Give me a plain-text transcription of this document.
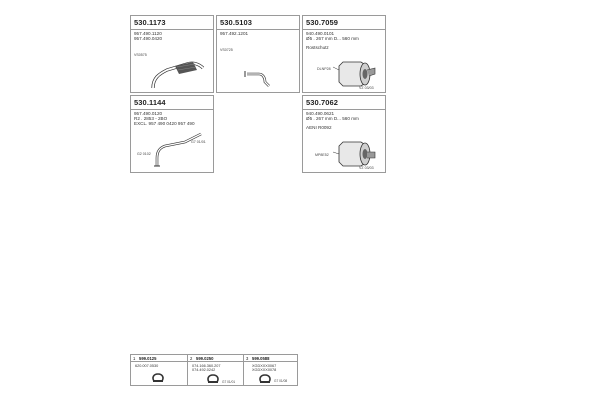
530.1173
957.490.1120
957.490.0420
VS0575
530.5103
957.492.1201
VS0725
530.7059
940.490.0101
Ø5 . 267 mm D... 560 mm
Rostschutz
DLNP28
VZ 03/03
530.1144
957.490.0120
R2 . 2853 - 2BO
EXCL. 957 490 0420 957 490
G7 01/01
G2 0102
530.7062
940.490.0621
Ø5 . 267 mm D... 560 mm
AENI R0092
MP8E52
VZ 03/03
1 599.0125
620.007.0530
2 599.0250
074.166.360.207
074.492.0242
G7 01/01
3 599.0588
XGDXXX0067
XGDXXX0078
G7 01/08
